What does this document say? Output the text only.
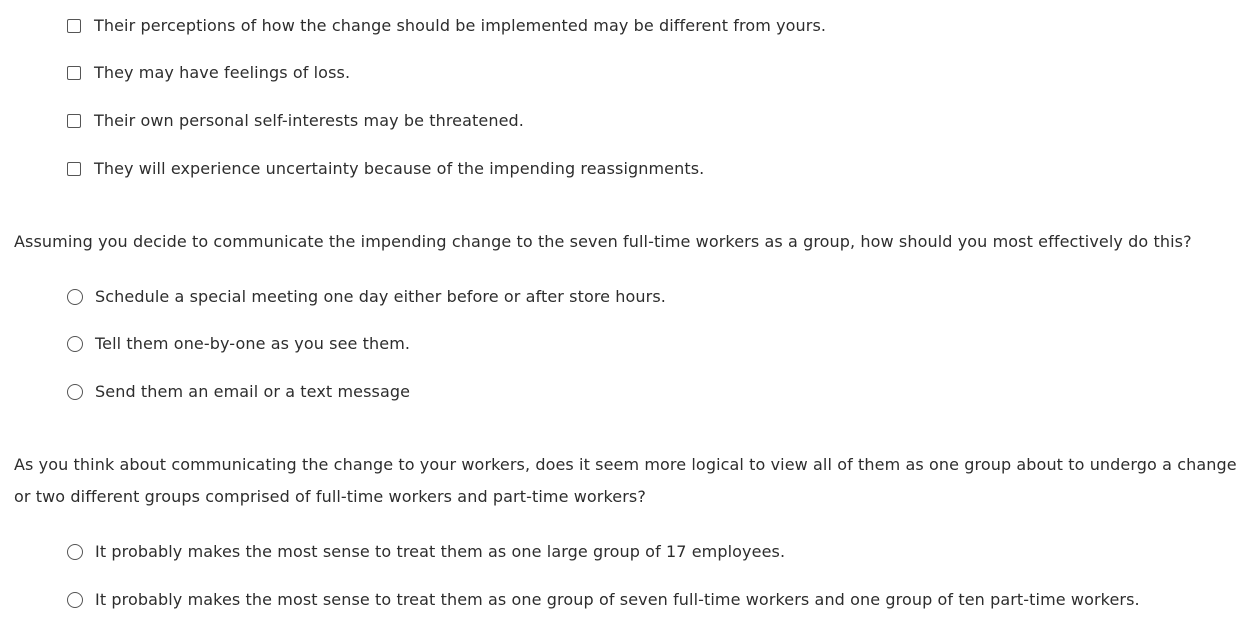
Their perceptions of how the change should be implemented may be different from yours.
They may have feelings of loss.
Their own personal self-interests may be threatened.
They will experience uncertainty because of the impending reassignments.
Assuming you decide to communicate the impending change to the seven full-time workers as a group, how should you most effectively do this?
Schedule a special meeting one day either before or after store hours.
Tell them one-by-one as you see them.
Send them an email or a text message
As you think about communicating the change to your workers, does it seem more logical to view all of them as one group about to undergo a change or two different groups comprised of full-time workers and part-time workers?
It probably makes the most sense to treat them as one large group of 17 employees.
It probably makes the most sense to treat them as one group of seven full-time workers and one group of ten part-time workers.
